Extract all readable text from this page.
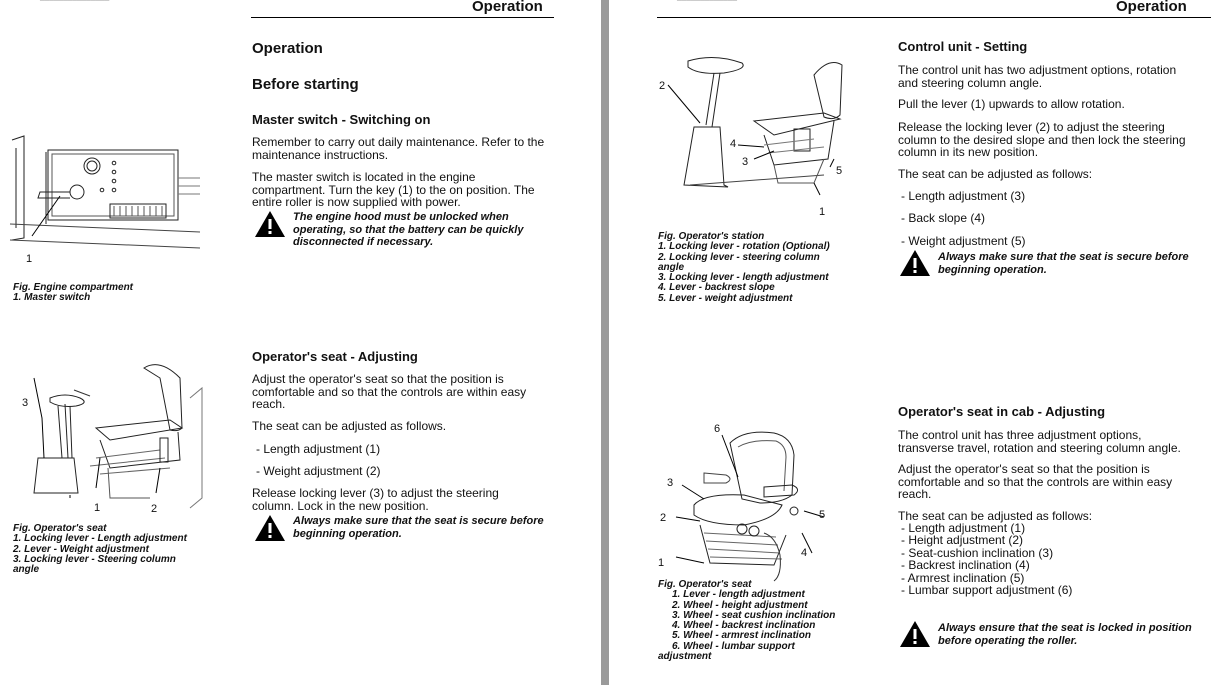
Operation
Operation
Before starting
Master switch - Switching on

Remember to carry out daily maintenance. Refer to the maintenance instructions.

The master switch is located in the engine compartment. Turn the key (1) to the on position. The entire roller is now supplied with power.

The engine hood must be unlocked when operating, so that the battery can be quickly disconnected if necessary.
1
Fig. Engine compartment
1. Master switch
Operator's seat - Adjusting

Adjust the operator's seat so that the position is comfortable and so that the controls are within easy reach.

The seat can be adjusted as follows.

- Length adjustment (1)
- Weight adjustment (2)

Release locking lever (3) to adjust the steering column. Lock in the new position.

Always make sure that the seat is secure before beginning operation.
1	2
3
Fig. Operator's seat
1. Locking lever - Length adjustment
2. Lever - Weight adjustment
3. Locking lever - Steering column
angle
Operation
Control unit - Setting

The control unit has two adjustment options, rotation and steering column angle.

Pull the lever (1) upwards to allow rotation.

Release the locking lever (2) to adjust the steering column to the desired slope and then lock the steering column in its new position.

The seat can be adjusted as follows:

- Length adjustment (3)
- Back slope (4)
- Weight adjustment (5)
Always make sure that the seat is secure before beginning operation.
1
2
3
4
5
Fig. Operator's station
1. Locking lever - rotation (Optional)
2. Locking lever - steering column
angle
3. Locking lever - length adjustment
4. Lever - backrest slope
5. Lever - weight adjustment
Operator's seat in cab - Adjusting

The control unit has three adjustment options, transverse travel, rotation and steering column angle.

Adjust the operator's seat so that the position is comfortable and so that the controls are within easy reach.

The seat can be adjusted as follows:

- Length adjustment (1)
- Height adjustment (2)
- Seat-cushion inclination (3)
- Backrest inclination (4)
- Armrest inclination (5)
- Lumbar support adjustment (6)
Always ensure that the seat is locked in position before operating the roller.
1
2
3
4
5
6
Fig. Operator's seat
1. Lever - length adjustment
2. Wheel - height adjustment
3. Wheel - seat cushion inclination
4. Wheel - backrest inclination
5. Wheel - armrest inclination
6. Wheel - lumbar support
adjustment
